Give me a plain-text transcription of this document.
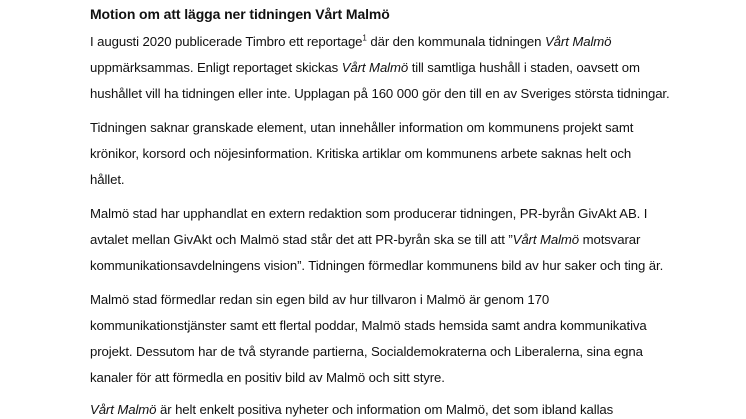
Motion om att lägga ner tidningen Vårt Malmö
I augusti 2020 publicerade Timbro ett reportage$^1$ där den kommunala tidningen Vårt Malmö
uppmärksammas. Enligt reportaget skickas Vårt Malmö till samtliga hushåll i staden, oavsett om
hushållet vill ha tidningen eller inte. Upplagan på 160 000 gör den till en av Sveriges största tidningar.
Tidningen saknar granskade element, utan innehåller information om kommunens projekt samt
krönikor, korsord och nöjesinformation. Kritiska artiklar om kommunens arbete saknas helt och
hållet.
Malmö stad har upphandlat en extern redaktion som producerar tidningen, PR-byrån GivAkt AB. I
avtalet mellan GivAkt och Malmö stad står det att PR-byrån ska se till att ”Vårt Malmö motsvarar
kommunikationsavdelningens vision”. Tidningen förmedlar kommunens bild av hur saker och ting är.
Malmö stad förmedlar redan sin egen bild av hur tillvaron i Malmö är genom 170
kommunikationstjänster samt ett flertal poddar, Malmö stads hemsida samt andra kommunikativa
projekt. Dessutom har de två styrande partierna, Socialdemokraterna och Liberalerna, sina egna
kanaler för att förmedla en positiv bild av Malmö och sitt styre.
Vårt Malmö är helt enkelt positiva nyheter och information om Malmö, det som ibland kallas
